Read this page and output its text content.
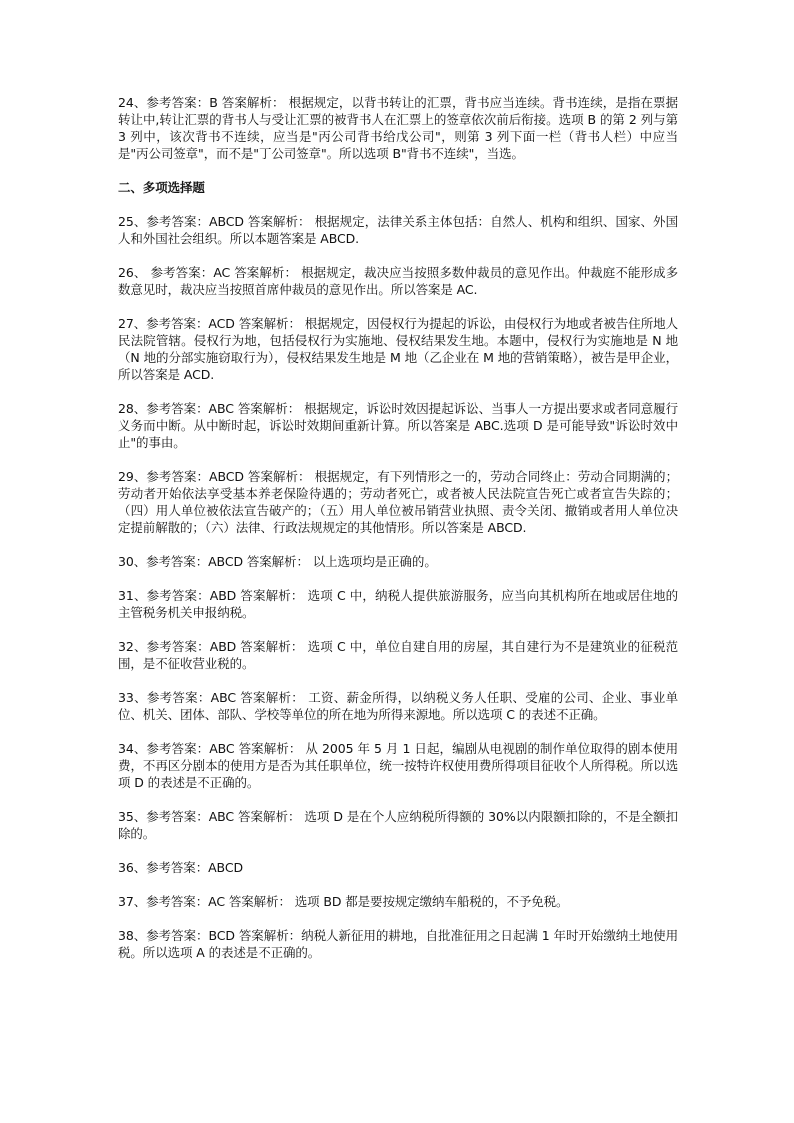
24、参考答案：B 答案解析： 根据规定，以背书转让的汇票，背书应当连续。背书连续，是指在票据转让中,转让汇票的背书人与受让汇票的被背书人在汇票上的签章依次前后衔接。选项 B 的第 2 列与第 3 列中，该次背书不连续，应当是"丙公司背书给戊公司"，则第 3 列下面一栏（背书人栏）中应当是"丙公司签章"，而不是"丁公司签章"。所以选项 B"背书不连续"，当选。

二、多项选择题

25、参考答案：ABCD 答案解析： 根据规定，法律关系主体包括：自然人、机构和组织、国家、外国人和外国社会组织。所以本题答案是 ABCD.

26、 参考答案：AC 答案解析： 根据规定，裁决应当按照多数仲裁员的意见作出。仲裁庭不能形成多数意见时，裁决应当按照首席仲裁员的意见作出。所以答案是 AC.

27、参考答案：ACD 答案解析： 根据规定，因侵权行为提起的诉讼，由侵权行为地或者被告住所地人民法院管辖。侵权行为地，包括侵权行为实施地、侵权结果发生地。本题中，侵权行为实施地是 N 地（N 地的分部实施窃取行为），侵权结果发生地是 M 地（乙企业在 M 地的营销策略），被告是甲企业，所以答案是 ACD.

28、参考答案：ABC 答案解析： 根据规定，诉讼时效因提起诉讼、当事人一方提出要求或者同意履行义务而中断。从中断时起，诉讼时效期间重新计算。所以答案是 ABC.选项 D 是可能导致"诉讼时效中止"的事由。

29、参考答案：ABCD 答案解析： 根据规定，有下列情形之一的，劳动合同终止：劳动合同期满的；劳动者开始依法享受基本养老保险待遇的；劳动者死亡，或者被人民法院宣告死亡或者宣告失踪的；（四）用人单位被依法宣告破产的；（五）用人单位被吊销营业执照、责令关闭、撤销或者用人单位决定提前解散的；（六）法律、行政法规规定的其他情形。所以答案是 ABCD.

30、参考答案：ABCD 答案解析： 以上选项均是正确的。

31、参考答案：ABD 答案解析： 选项 C 中，纳税人提供旅游服务，应当向其机构所在地或居住地的主管税务机关申报纳税。

32、参考答案：ABD 答案解析： 选项 C 中，单位自建自用的房屋，其自建行为不是建筑业的征税范围，是不征收营业税的。

33、参考答案：ABC 答案解析： 工资、薪金所得，以纳税义务人任职、受雇的公司、企业、事业单位、机关、团体、部队、学校等单位的所在地为所得来源地。所以选项 C 的表述不正确。

34、参考答案：ABC 答案解析： 从 2005 年 5 月 1 日起，编剧从电视剧的制作单位取得的剧本使用费，不再区分剧本的使用方是否为其任职单位，统一按特许权使用费所得项目征收个人所得税。所以选项 D 的表述是不正确的。

35、参考答案：ABC 答案解析： 选项 D 是在个人应纳税所得额的 30%以内限额扣除的，不是全额扣除的。

36、参考答案：ABCD

37、参考答案：AC 答案解析： 选项 BD 都是要按规定缴纳车船税的，不予免税。

38、参考答案：BCD 答案解析：纳税人新征用的耕地，自批准征用之日起满 1 年时开始缴纳土地使用税。所以选项 A 的表述是不正确的。
